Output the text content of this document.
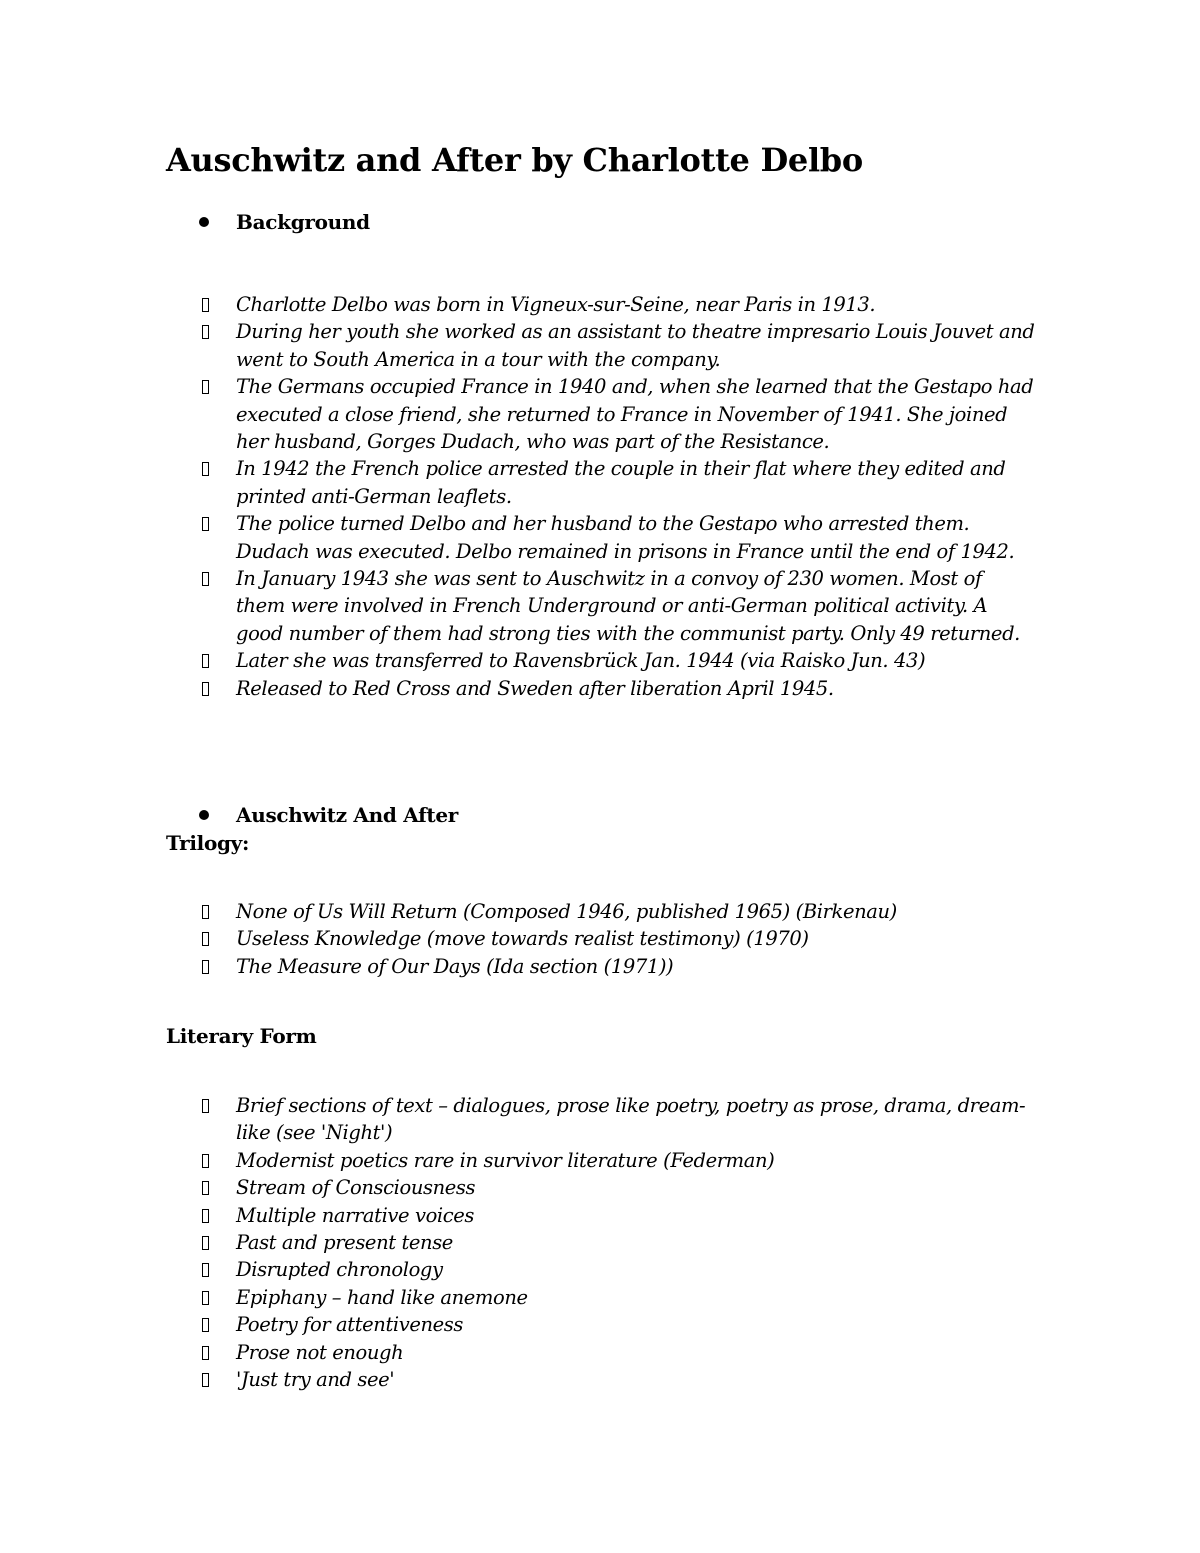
Auschwitz and After by Charlotte Delbo
Background
Charlotte Delbo was born in Vigneux-sur-Seine, near Paris in 1913.
During her youth she worked as an assistant to theatre impresario Louis Jouvet and went to South America in a tour with the company.
The Germans occupied France in 1940 and, when she learned that the Gestapo had executed a close friend, she returned to France in November of 1941. She joined her husband, Gorges Dudach, who was part of the Resistance.
In 1942 the French police arrested the couple in their flat where they edited and printed anti-German leaflets.
The police turned Delbo and her husband to the Gestapo who arrested them. Dudach was executed. Delbo remained in prisons in France until the end of 1942.
In January 1943 she was sent to Auschwitz in a convoy of 230 women. Most of them were involved in French Underground or anti-German political activity. A good number of them had strong ties with the communist party. Only 49 returned.
Later she was transferred to Ravensbrück Jan. 1944 (via Raisko Jun. 43)
Released to Red Cross and Sweden after liberation April 1945.
Auschwitz And After
Trilogy:
None of Us Will Return (Composed 1946, published 1965) (Birkenau)
Useless Knowledge (move towards realist testimony) (1970)
The Measure of Our Days (Ida section (1971))
Literary Form
Brief sections of text – dialogues, prose like poetry, poetry as prose, drama, dream-like (see 'Night')
Modernist poetics rare in survivor literature (Federman)
Stream of Consciousness
Multiple narrative voices
Past and present tense
Disrupted chronology
Epiphany – hand like anemone
Poetry for attentiveness
Prose not enough
'Just try and see'
